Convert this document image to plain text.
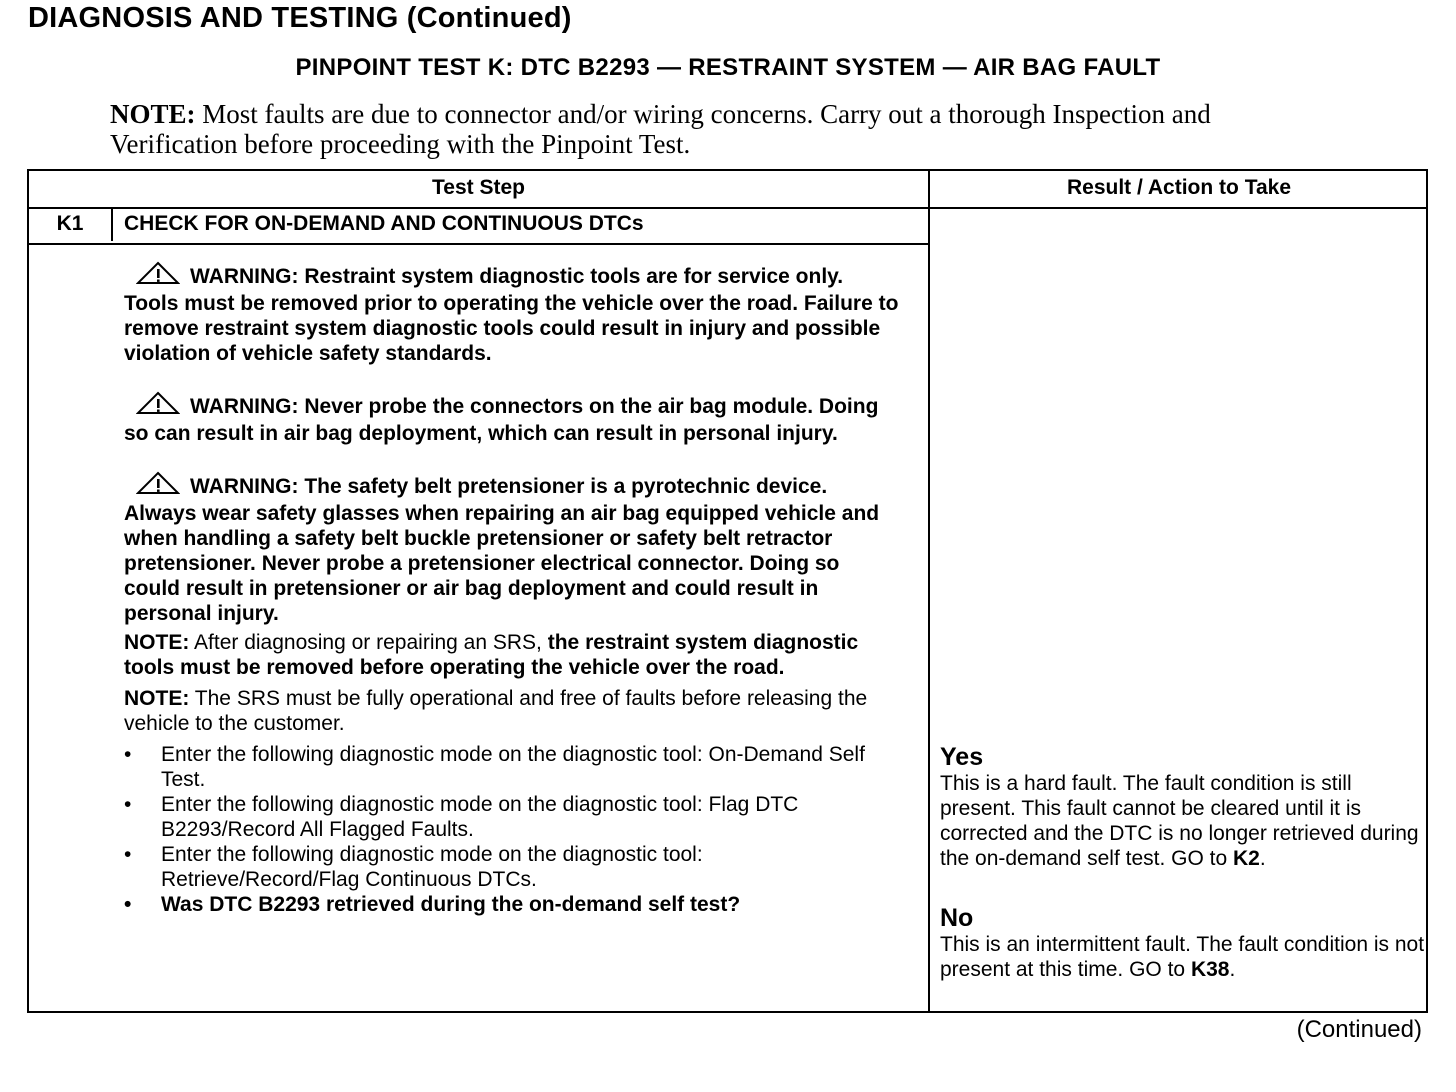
DIAGNOSIS AND TESTING (Continued)
PINPOINT TEST K: DTC B2293 — RESTRAINT SYSTEM — AIR BAG FAULT
NOTE: Most faults are due to connector and/or wiring concerns. Carry out a thorough Inspection and Verification before proceeding with the Pinpoint Test.
Test Step	Result / Action to Take
K1	CHECK FOR ON-DEMAND AND CONTINUOUS DTCs
WARNING: Restraint system diagnostic tools are for service only. Tools must be removed prior to operating the vehicle over the road. Failure to remove restraint system diagnostic tools could result in injury and possible violation of vehicle safety standards.
WARNING: Never probe the connectors on the air bag module. Doing so can result in air bag deployment, which can result in personal injury.
WARNING: The safety belt pretensioner is a pyrotechnic device. Always wear safety glasses when repairing an air bag equipped vehicle and when handling a safety belt buckle pretensioner or safety belt retractor pretensioner. Never probe a pretensioner electrical connector. Doing so could result in pretensioner or air bag deployment and could result in personal injury.
NOTE: After diagnosing or repairing an SRS, the restraint system diagnostic tools must be removed before operating the vehicle over the road.
NOTE: The SRS must be fully operational and free of faults before releasing the vehicle to the customer.
• Enter the following diagnostic mode on the diagnostic tool: On-Demand Self Test.
• Enter the following diagnostic mode on the diagnostic tool: Flag DTC B2293/Record All Flagged Faults.
• Enter the following diagnostic mode on the diagnostic tool: Retrieve/Record/Flag Continuous DTCs.
• Was DTC B2293 retrieved during the on-demand self test?
Yes
This is a hard fault. The fault condition is still present. This fault cannot be cleared until it is corrected and the DTC is no longer retrieved during the on-demand self test. GO to K2.
No
This is an intermittent fault. The fault condition is not present at this time. GO to K38.
(Continued)
